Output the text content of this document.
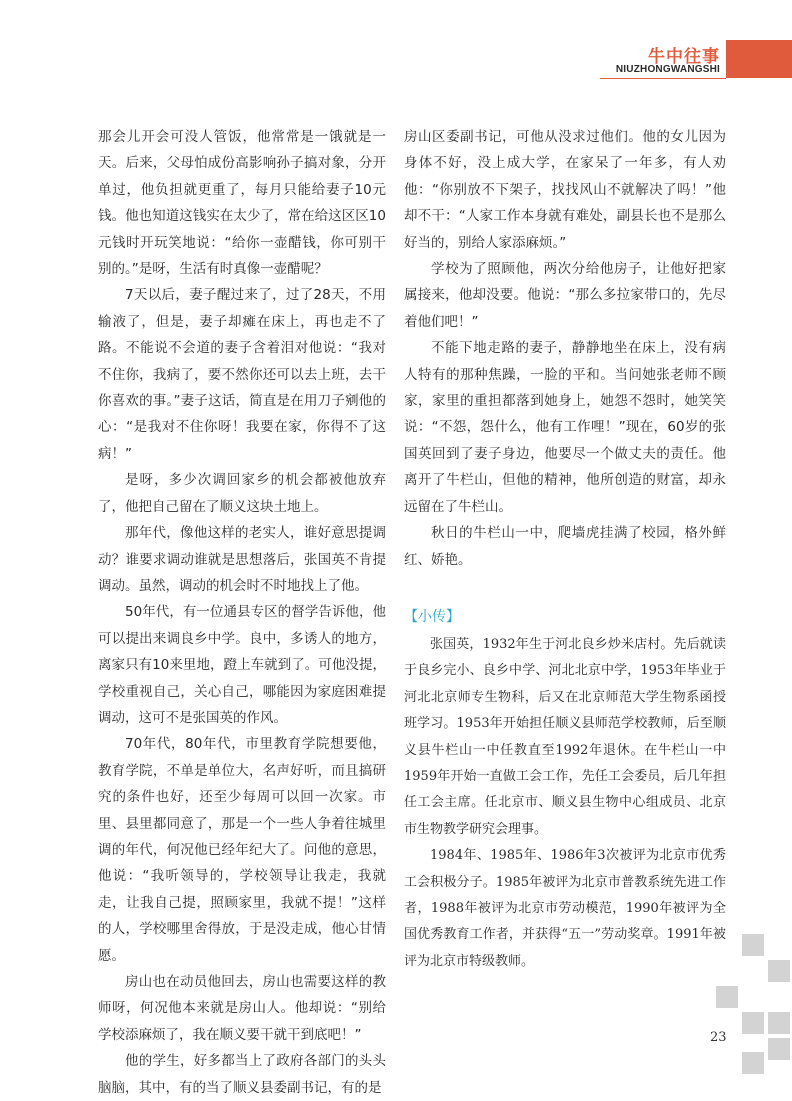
牛中往事
NIUZHONGWANGSHI

那会儿开会可没人管饭，他常常是一饿就是一天。后来，父母怕成份高影响孙子搞对象，分开单过，他负担就更重了，每月只能给妻子10元钱。他也知道这钱实在太少了，常在给这区区10元钱时开玩笑地说：“给你一壶醋钱，你可别干别的。”是呀，生活有时真像一壶醋呢？

7天以后，妻子醒过来了，过了28天，不用输液了，但是，妻子却瘫在床上，再也走不了路。不能说不会道的妻子含着泪对他说：“我对不住你，我病了，要不然你还可以去上班，去干你喜欢的事。”妻子这话，简直是在用刀子剜他的心：“是我对不住你呀！我要在家，你得不了这病！”

是呀，多少次调回家乡的机会都被他放弃了，他把自己留在了顺义这块土地上。

那年代，像他这样的老实人，谁好意思提调动？谁要求调动谁就是思想落后，张国英不肯提调动。虽然，调动的机会时不时地找上了他。

50年代，有一位通县专区的督学告诉他，他可以提出来调良乡中学。良中，多诱人的地方，离家只有10来里地，蹬上车就到了。可他没提，学校重视自己，关心自己，哪能因为家庭困难提调动，这可不是张国英的作风。

70年代，80年代，市里教育学院想要他，教育学院，不单是单位大，名声好听，而且搞研究的条件也好，还至少每周可以回一次家。市里、县里都同意了，那是一个一些人争着往城里调的年代，何况他已经年纪大了。问他的意思，他说：“我听领导的，学校领导让我走，我就走，让我自己提，照顾家里，我就不提！”这样的人，学校哪里舍得放，于是没走成，他心甘情愿。

房山也在动员他回去，房山也需要这样的教师呀，何况他本来就是房山人。他却说：“别给学校添麻烦了，我在顺义要干就干到底吧！”

他的学生，好多都当上了政府各部门的头头脑脑，其中，有的当了顺义县委副书记，有的是

房山区委副书记，可他从没求过他们。他的女儿因为身体不好，没上成大学，在家呆了一年多，有人劝他：“你别放不下架子，找找风山不就解决了吗！”他却不干：“人家工作本身就有难处，副县长也不是那么好当的，别给人家添麻烦。”

学校为了照顾他，两次分给他房子，让他好把家属接来，他却没要。他说：“那么多拉家带口的，先尽着他们吧！”

不能下地走路的妻子，静静地坐在床上，没有病人特有的那种焦躁，一脸的平和。当问她张老师不顾家，家里的重担都落到她身上，她怨不怨时，她笑笑说：“不怨，怨什么，他有工作哩！”现在，60岁的张国英回到了妻子身边，他要尽一个做丈夫的责任。他离开了牛栏山，但他的精神，他所创造的财富，却永远留在了牛栏山。

秋日的牛栏山一中，爬墙虎挂满了校园，格外鲜红、娇艳。

【小传】

张国英，1932年生于河北良乡炒米店村。先后就读于良乡完小、良乡中学、河北北京中学，1953年毕业于河北北京师专生物科，后又在北京师范大学生物系函授班学习。1953年开始担任顺义县师范学校教师，后至顺义县牛栏山一中任教直至1992年退休。在牛栏山一中1959年开始一直做工会工作，先任工会委员，后几年担任工会主席。任北京市、顺义县生物中心组成员、北京市生物教学研究会理事。

1984年、1985年、1986年3次被评为北京市优秀工会积极分子。1985年被评为北京市普教系统先进工作者，1988年被评为北京市劳动模范，1990年被评为全国优秀教育工作者，并获得“五一”劳动奖章。1991年被评为北京市特级教师。

23
